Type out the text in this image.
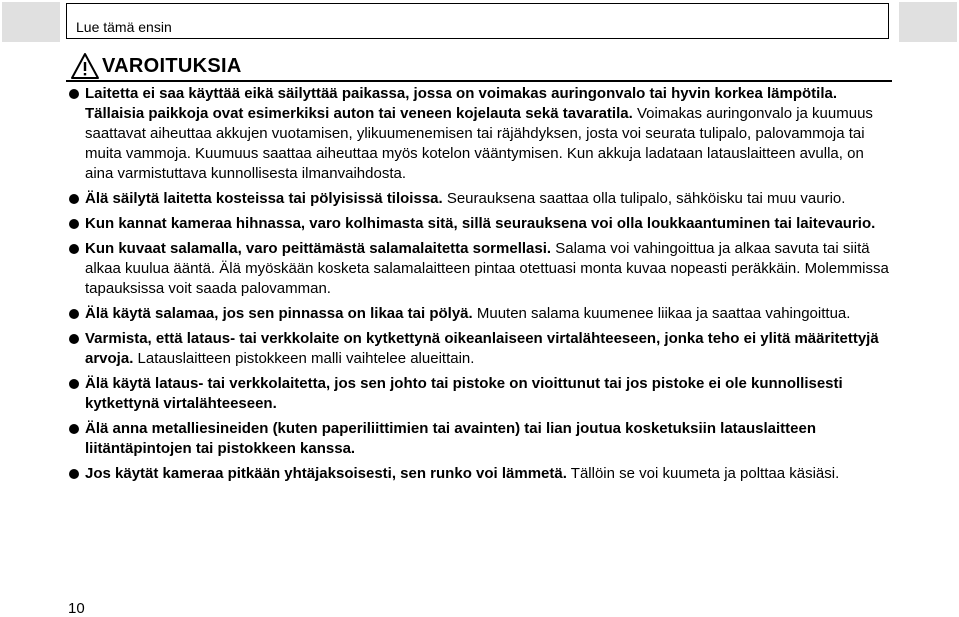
Lue tämä ensin
VAROITUKSIA
Laitetta ei saa käyttää eikä säilyttää paikassa, jossa on voimakas auringonvalo tai hyvin korkea lämpötila. Tällaisia paikkoja ovat esimerkiksi auton tai veneen kojelauta sekä tavaratila. Voimakas auringonvalo ja kuumuus saattavat aiheuttaa akkujen vuotamisen, ylikuumenemisen tai räjähdyksen, josta voi seurata tulipalo, palovammoja tai muita vammoja. Kuumuus saattaa aiheuttaa myös kotelon vääntymisen. Kun akkuja ladataan latauslaitteen avulla, on aina varmistuttava kunnollisesta ilmanvaihdosta.
Älä säilytä laitetta kosteissa tai pölyisissä tiloissa. Seurauksena saattaa olla tulipalo, sähköisku tai muu vaurio.
Kun kannat kameraa hihnassa, varo kolhimasta sitä, sillä seurauksena voi olla loukkaantuminen tai laitevaurio.
Kun kuvaat salamalla, varo peittämästä salamalaitetta sormellasi. Salama voi vahingoittua ja alkaa savuta tai siitä alkaa kuulua ääntä. Älä myöskään kosketa salamalaitteen pintaa otettuasi monta kuvaa nopeasti peräkkäin. Molemmissa tapauksissa voit saada palovamman.
Älä käytä salamaa, jos sen pinnassa on likaa tai pölyä. Muuten salama kuumenee liikaa ja saattaa vahingoittua.
Varmista, että lataus- tai verkkolaite on kytkettynä oikeanlaiseen virtalähteeseen, jonka teho ei ylitä määritettyjä arvoja. Latauslaitteen pistokkeen malli vaihtelee alueittain.
Älä käytä lataus- tai verkkolaitetta, jos sen johto tai pistoke on vioittunut tai jos pistoke ei ole kunnollisesti kytkettynä virtalähteeseen.
Älä anna metalliesineiden (kuten paperiliittimien tai avainten) tai lian joutua kosketuksiin latauslaitteen liitäntäpintojen tai pistokkeen kanssa.
Jos käytät kameraa pitkään yhtäjaksoisesti, sen runko voi lämmetä. Tällöin se voi kuumeta ja polttaa käsiäsi.
10
